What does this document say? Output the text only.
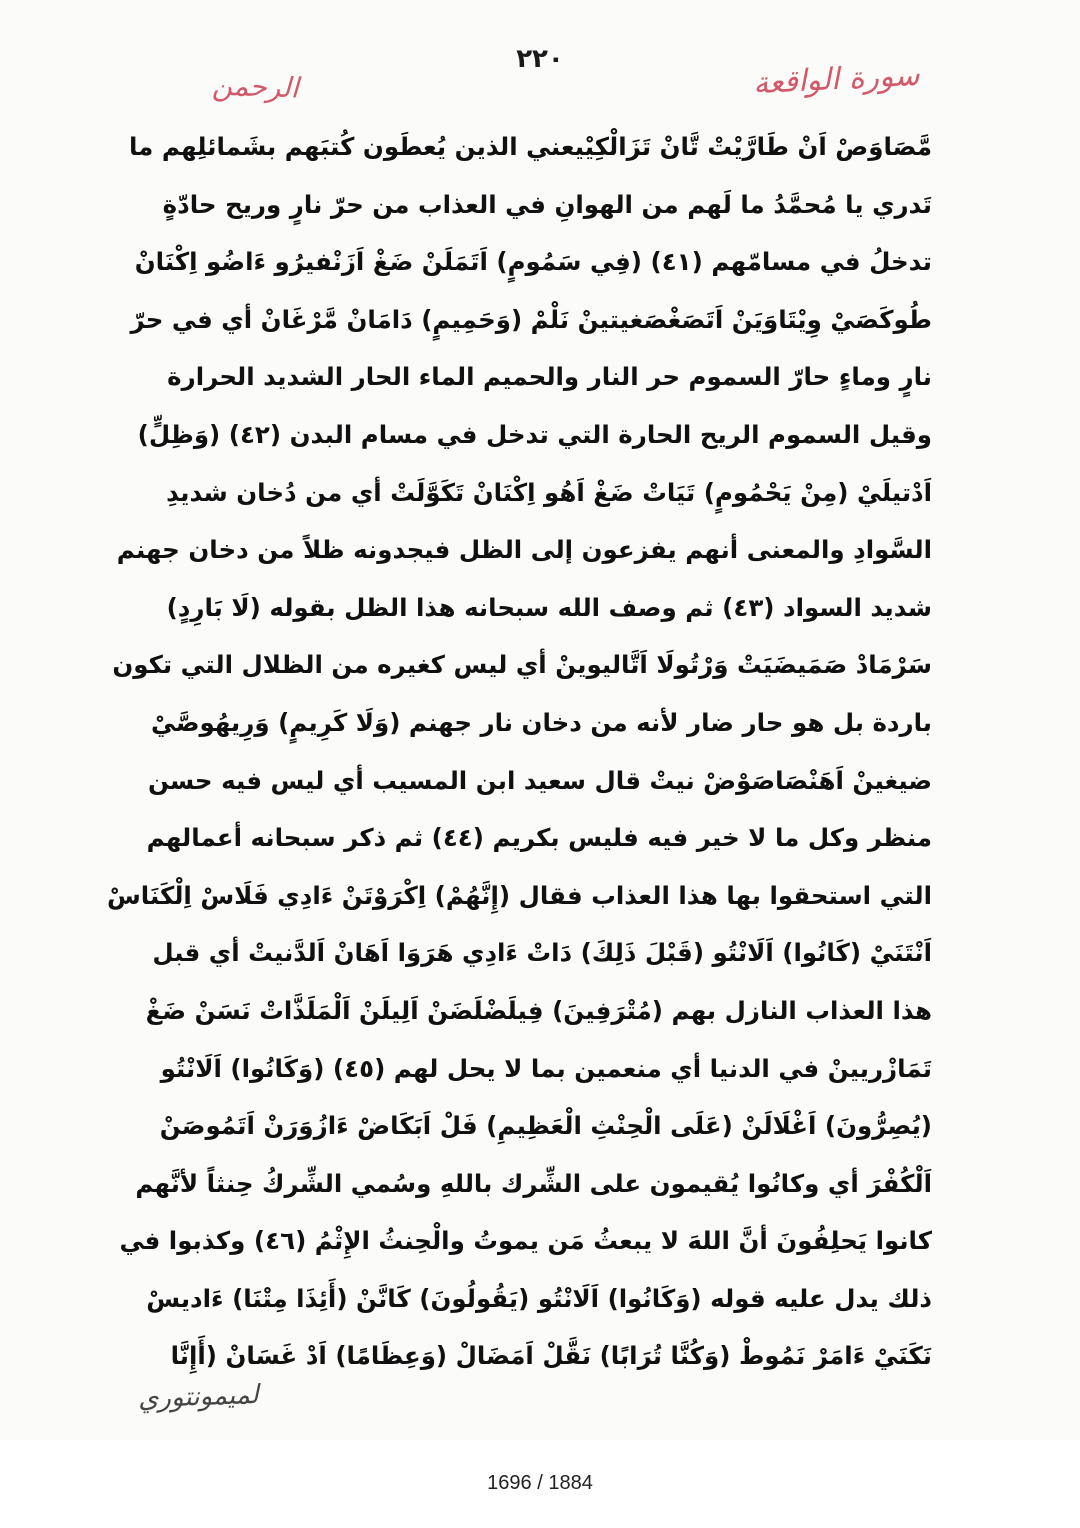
٢٢٠	سورة الواقعة
الرحمن
مَّصَاوَصْ اَنْ طَارَّيْتْ تَّانْ تَزَالْكِيْيعني الذين يُعطَون كُتبَهم بشَمائلِهم ما
تَدري يا مُحمَّدُ ما لَهم من الهوانِ في العذاب من حرّ نارٍ وريح حادّةٍ
تدخلُ في مسامّهم (٤١) (فِي سَمُومٍ) اَتَمَلَنْ ضَغْ اَزَنْفيرُو ءَاضُو اِكْنَانْ
طُوكَصَيْ وِيْتَاوَيَنْ اَتَصَغْصَغيتينْ نَلْمْ (وَحَمِيمٍ) دَامَانْ مَّرْغَانْ أي في حرّ
نارٍ وماءٍ حارّ السموم حر النار والحميم الماء الحار الشديد الحرارة
وقيل السموم الريح الحارة التي تدخل في مسام البدن (٤٢) (وَظِلٍّ)
اَدْتيلَيْ (مِنْ يَحْمُومٍ) تَيَاتْ ضَغْ اَهُو اِكْنَانْ تَكَوَّلَتْ أي من دُخان شديدِ
السَّوادِ والمعنى أنهم يفزعون إلى الظل فيجدونه ظلاً من دخان جهنم
شديد السواد (٤٣) ثم وصف الله سبحانه هذا الظل بقوله (لَا بَارِدٍ)
سَرْمَادْ صَمَيضَيَتْ وَرْتُولَا اَتَّاليوينْ أي ليس كغيره من الظلال التي تكون
باردة بل هو حار ضار لأنه من دخان نار جهنم (وَلَا كَرِيمٍ) وَرِيهُوصَّيْ
ضيغينْ اَهَنْصَاصَوْضْ نيتْ قال سعيد ابن المسيب أي ليس فيه حسن
منظر وكل ما لا خير فيه فليس بكريم (٤٤) ثم ذكر سبحانه أعمالهم
التي استحقوا بها هذا العذاب فقال (إِنَّهُمْ) اِكْرَوْتَنْ ءَادِي فَلَاسْ اِلْكَنَاسْ
اَنْتَنَيْ (كَانُوا) اَلَانْتُو (قَبْلَ ذَلِكَ) دَاتْ ءَادِي هَرَوَا اَهَانْ اَلدَّنيتْ أي قبل
هذا العذاب النازل بهم (مُتْرَفِينَ) فِيلَضْلَضَنْ اَلِيلَنْ اَلْمَلَذَّاتْ نَسَنْ ضَغْ
تَمَازْريينْ في الدنيا أي منعمين بما لا يحل لهم (٤٥) (وَكَانُوا) اَلَانْتُو
(يُصِرُّونَ) اَغْلَالَنْ (عَلَى الْحِنْثِ الْعَظِيمِ) فَلْ اَبَكَاضْ ءَازُوَرَنْ اَتَمُوصَنْ
اَلْكُفْرَ أي وكانُوا يُقيمون على الشِّرك باللهِ وسُمي الشِّركُ حِنثاً لأنَّهم
كانوا يَحلِفُونَ أنَّ اللهَ لا يبعثُ مَن يموتُ والْحِنثُ الإِثْمُ (٤٦) وكذبوا في
ذلك يدل عليه قوله (وَكَانُوا) اَلَانْتُو (يَقُولُونَ) كَانَّنْ (أَئِذَا مِتْنَا) ءَاديسْ
نَكَنَيْ ءَامَرْ نَمُوطْ (وَكُنَّا تُرَابًا) نَقَّلْ اَمَضَالْ (وَعِظَامًا) اَدْ غَسَانْ (أَإِنَّا
لميمونتوري
1696 / 1884
